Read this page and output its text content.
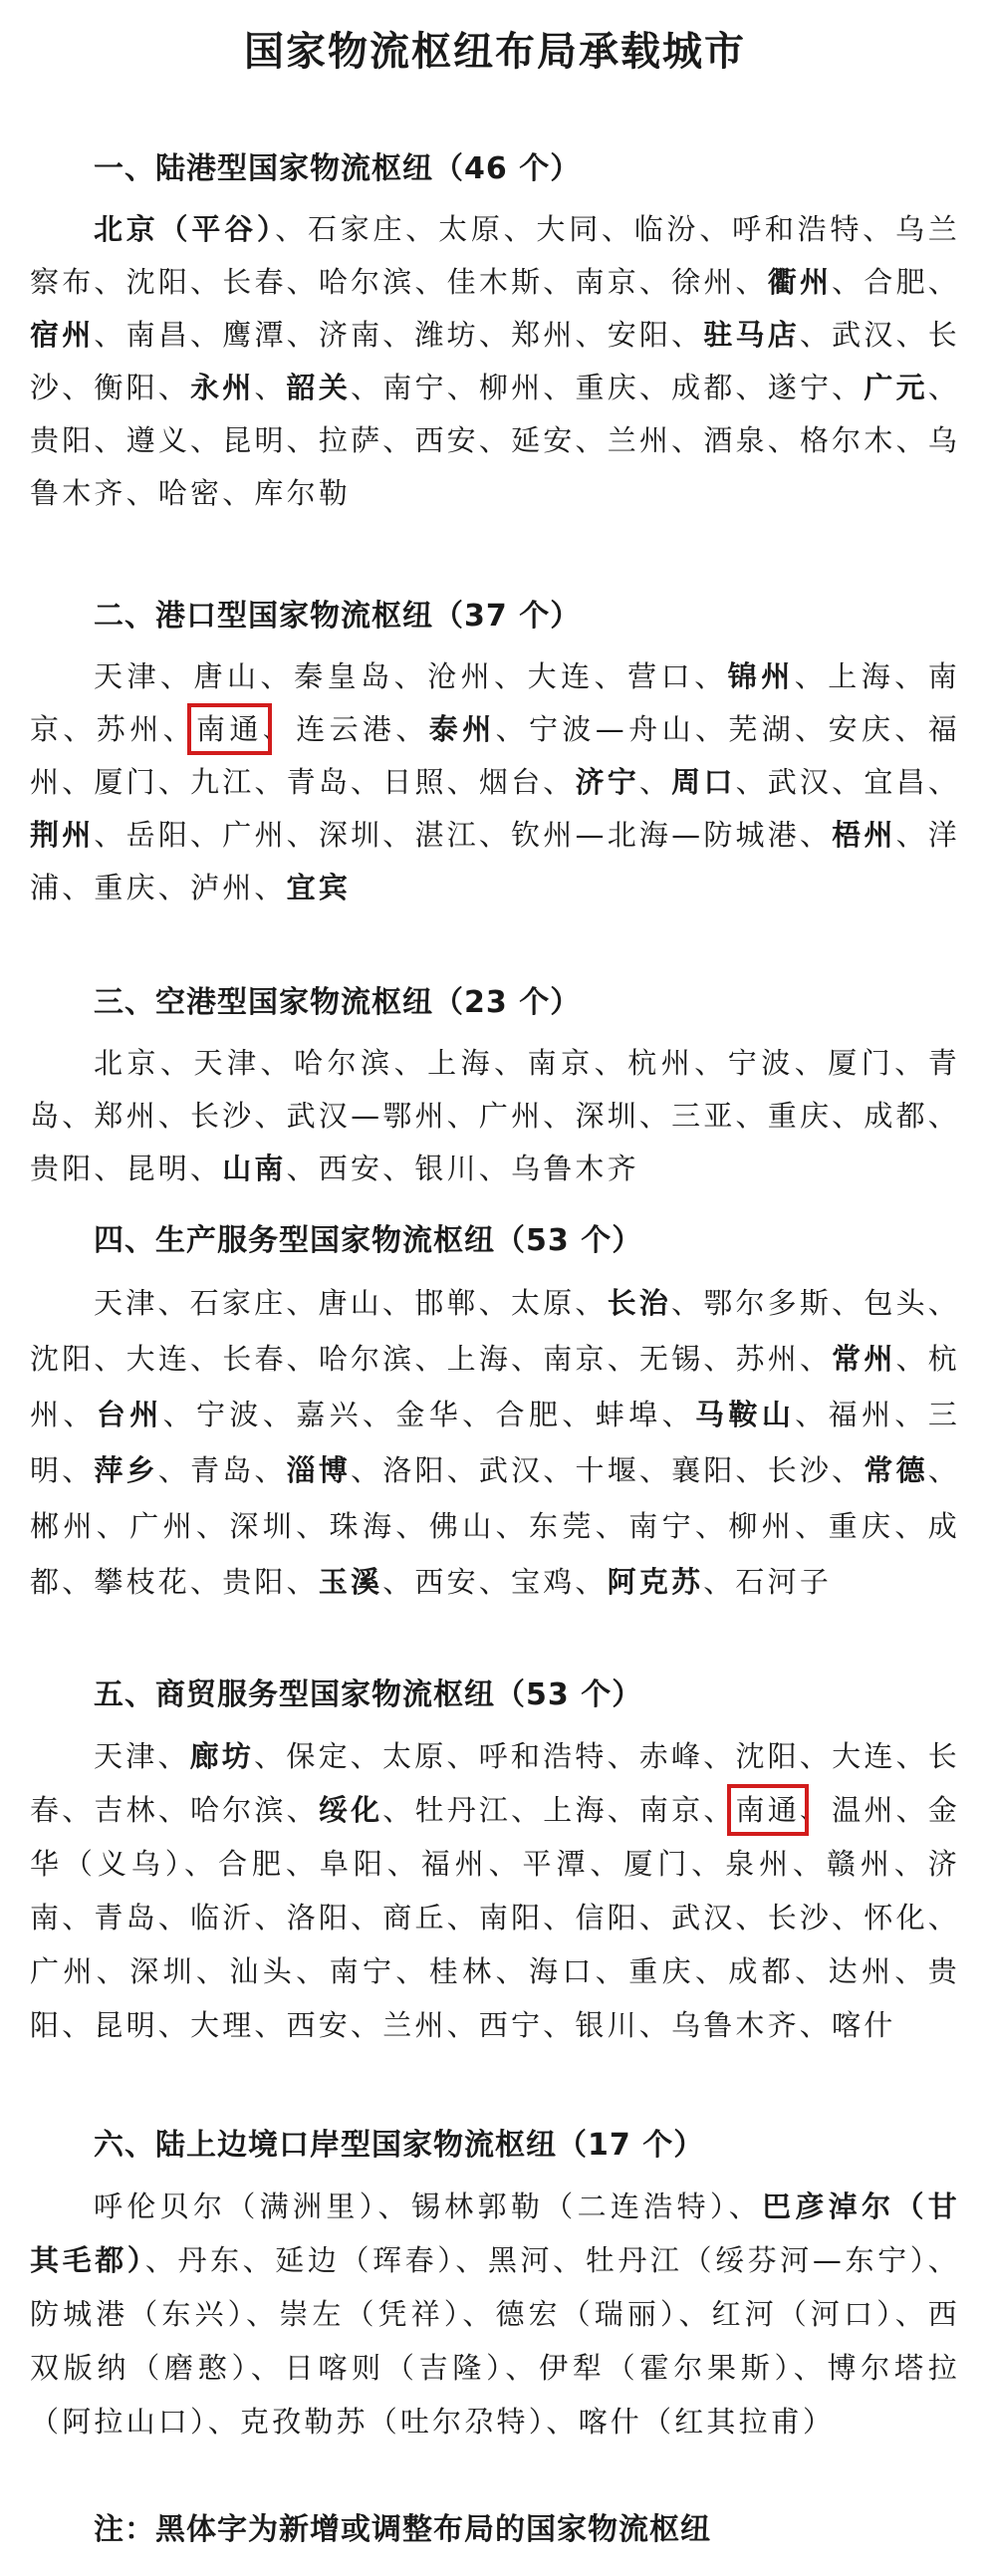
国家物流枢纽布局承载城市
一、陆港型国家物流枢纽（46 个）

北京（平谷）、石家庄、太原、大同、临汾、呼和浩特、乌兰察布、沈阳、长春、哈尔滨、佳木斯、南京、徐州、衢州、合肥、宿州、南昌、鹰潭、济南、潍坊、郑州、安阳、驻马店、武汉、长沙、衡阳、永州、韶关、南宁、柳州、重庆、成都、遂宁、广元、贵阳、遵义、昆明、拉萨、西安、延安、兰州、酒泉、格尔木、乌鲁木齐、哈密、库尔勒

二、港口型国家物流枢纽（37 个）

天津、唐山、秦皇岛、沧州、大连、营口、锦州、上海、南京、苏州、南通、连云港、泰州、宁波—舟山、芜湖、安庆、福州、厦门、九江、青岛、日照、烟台、济宁、周口、武汉、宜昌、荆州、岳阳、广州、深圳、湛江、钦州—北海—防城港、梧州、洋浦、重庆、泸州、宜宾

三、空港型国家物流枢纽（23 个）

北京、天津、哈尔滨、上海、南京、杭州、宁波、厦门、青岛、郑州、长沙、武汉—鄂州、广州、深圳、三亚、重庆、成都、贵阳、昆明、山南、西安、银川、乌鲁木齐

四、生产服务型国家物流枢纽（53 个）

天津、石家庄、唐山、邯郸、太原、长治、鄂尔多斯、包头、沈阳、大连、长春、哈尔滨、上海、南京、无锡、苏州、常州、杭州、台州、宁波、嘉兴、金华、合肥、蚌埠、马鞍山、福州、三明、萍乡、青岛、淄博、洛阳、武汉、十堰、襄阳、长沙、常德、郴州、广州、深圳、珠海、佛山、东莞、南宁、柳州、重庆、成都、攀枝花、贵阳、玉溪、西安、宝鸡、阿克苏、石河子

五、商贸服务型国家物流枢纽（53 个）

天津、廊坊、保定、太原、呼和浩特、赤峰、沈阳、大连、长春、吉林、哈尔滨、绥化、牡丹江、上海、南京、南通、温州、金华（义乌）、合肥、阜阳、福州、平潭、厦门、泉州、赣州、济南、青岛、临沂、洛阳、商丘、南阳、信阳、武汉、长沙、怀化、广州、深圳、汕头、南宁、桂林、海口、重庆、成都、达州、贵阳、昆明、大理、西安、兰州、西宁、银川、乌鲁木齐、喀什

六、陆上边境口岸型国家物流枢纽（17 个）

呼伦贝尔（满洲里）、锡林郭勒（二连浩特）、巴彦淖尔（甘其毛都）、丹东、延边（珲春）、黑河、牡丹江（绥芬河—东宁）、防城港（东兴）、崇左（凭祥）、德宏（瑞丽）、红河（河口）、西双版纳（磨憨）、日喀则（吉隆）、伊犁（霍尔果斯）、博尔塔拉（阿拉山口）、克孜勒苏（吐尔尕特）、喀什（红其拉甫）

注：黑体字为新增或调整布局的国家物流枢纽
